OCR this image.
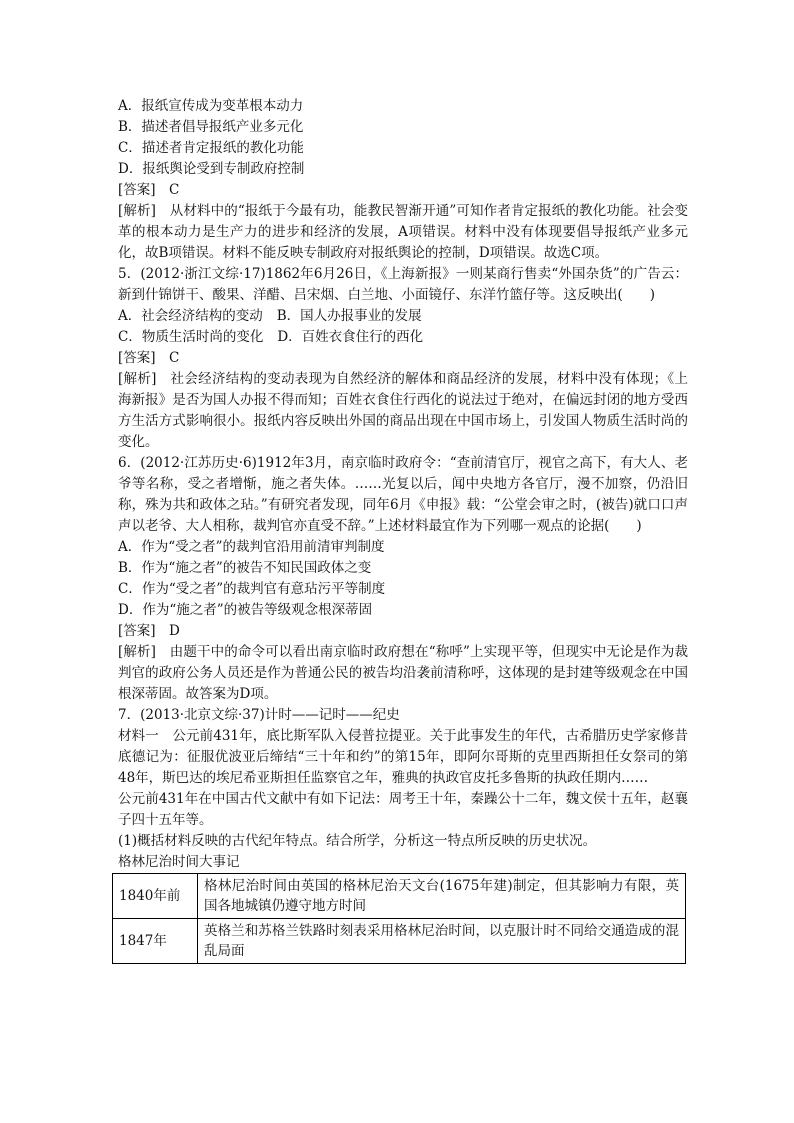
A．报纸宣传成为变革根本动力
B．描述者倡导报纸产业多元化
C．描述者肯定报纸的教化功能
D．报纸舆论受到专制政府控制
[答案]　C
[解析]　从材料中的“报纸于今最有功，能教民智渐开通”可知作者肯定报纸的教化功能。社会变革的根本动力是生产力的进步和经济的发展，A项错误。材料中没有体现要倡导报纸产业多元化，故B项错误。材料不能反映专制政府对报纸舆论的控制，D项错误。故选C项。
5．(2012·浙江文综·17)1862年6月26日，《上海新报》一则某商行售卖“外国杂货”的广告云：新到什锦饼干、酸果、洋醋、吕宋烟、白兰地、小面镜仔、东洋竹篮仔等。这反映出(　　)
A．社会经济结构的变动 B．国人办报事业的发展
C．物质生活时尚的变化 D．百姓衣食住行的西化
[答案]　C
[解析]　社会经济结构的变动表现为自然经济的解体和商品经济的发展，材料中没有体现；《上海新报》是否为国人办报不得而知；百姓衣食住行西化的说法过于绝对，在偏远封闭的地方受西方生活方式影响很小。报纸内容反映出外国的商品出现在中国市场上，引发国人物质生活时尚的变化。
6．(2012·江苏历史·6)1912年3月，南京临时政府令：“查前清官厅，视官之高下，有大人、老爷等名称，受之者增惭，施之者失体。……光复以后，闻中央地方各官厅，漫不加察，仍沿旧称，殊为共和政体之玷。”有研究者发现，同年6月《申报》载：“公堂会审之时，(被告)就口口声声以老爷、大人相称，裁判官亦直受不辞。”上述材料最宜作为下列哪一观点的论据(　　)
A．作为“受之者”的裁判官沿用前清审判制度
B．作为“施之者”的被告不知民国政体之变
C．作为“受之者”的裁判官有意玷污平等制度
D．作为“施之者”的被告等级观念根深蒂固
[答案]　D
[解析]　由题干中的命令可以看出南京临时政府想在“称呼”上实现平等，但现实中无论是作为裁判官的政府公务人员还是作为普通公民的被告均沿袭前清称呼，这体现的是封建等级观念在中国根深蒂固。故答案为D项。
7．(2013·北京文综·37)计时——记时——纪史
材料一　公元前431年，底比斯军队入侵普拉提亚。关于此事发生的年代，古希腊历史学家修昔底德记为：征服优波亚后缔结“三十年和约”的第15年，即阿尔哥斯的克里西斯担任女祭司的第48年，斯巴达的埃尼希亚斯担任监察官之年，雅典的执政官皮托多鲁斯的执政任期内……
公元前431年在中国古代文献中有如下记法：周考王十年，秦躁公十二年，魏文侯十五年，赵襄子四十五年等。
(1)概括材料反映的古代纪年特点。结合所学，分析这一特点所反映的历史状况。
格林尼治时间大事记
1840年前	格林尼治时间由英国的格林尼治天文台(1675年建)制定，但其影响力有限，英国各地城镇仍遵守地方时间
1847年	英格兰和苏格兰铁路时刻表采用格林尼治时间，以克服计时不同给交通造成的混乱局面
